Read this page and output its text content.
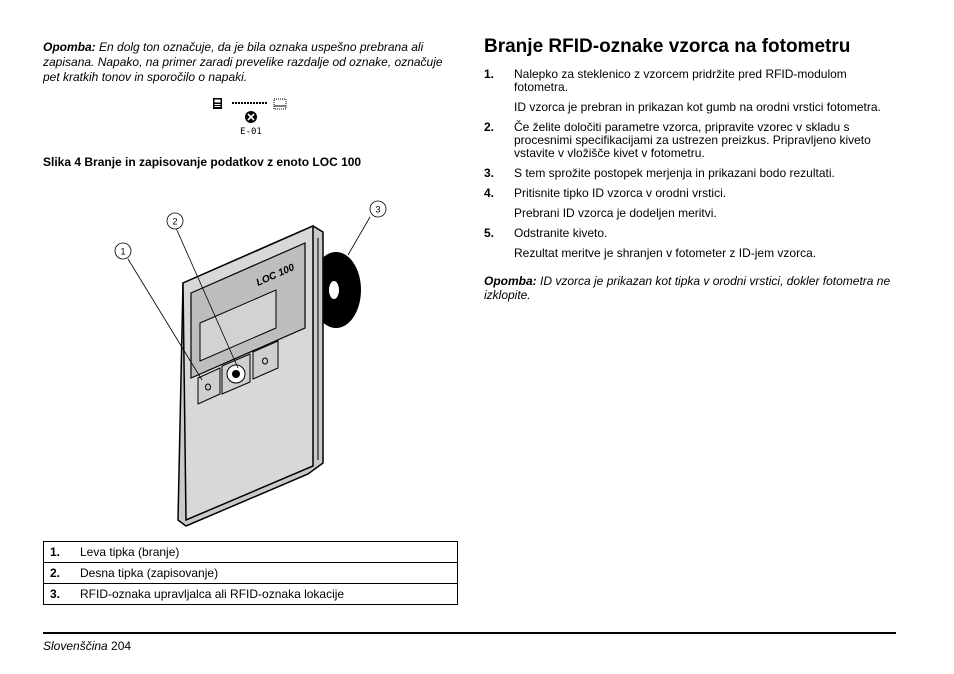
Opomba: En dolg ton označuje, da je bila oznaka uspešno prebrana ali zapisana. Napako, na primer zaradi prevelike razdalje od oznake, označuje pet kratkih tonov in sporočilo o napaki.
E-01
Slika 4 Branje in zapisovanje podatkov z enoto LOC 100
LOC 100
1
2
3
1.	Leva tipka (branje)
2.	Desna tipka (zapisovanje)
3.	RFID-oznaka upravljalca ali RFID-oznaka lokacije
Branje RFID-oznake vzorca na fotometru
1. Nalepko za steklenico z vzorcem pridržite pred RFID-modulom fotometra.
ID vzorca je prebran in prikazan kot gumb na orodni vrstici fotometra.
2. Če želite določiti parametre vzorca, pripravite vzorec v skladu s procesnimi specifikacijami za ustrezen preizkus. Pripravljeno kiveto vstavite v vložišče kivet v fotometru.
3. S tem sprožite postopek merjenja in prikazani bodo rezultati.
4. Pritisnite tipko ID vzorca v orodni vrstici.
Prebrani ID vzorca je dodeljen meritvi.
5. Odstranite kiveto.
Rezultat meritve je shranjen v fotometer z ID-jem vzorca.
Opomba: ID vzorca je prikazan kot tipka v orodni vrstici, dokler fotometra ne izklopite.
Slovenščina 204
